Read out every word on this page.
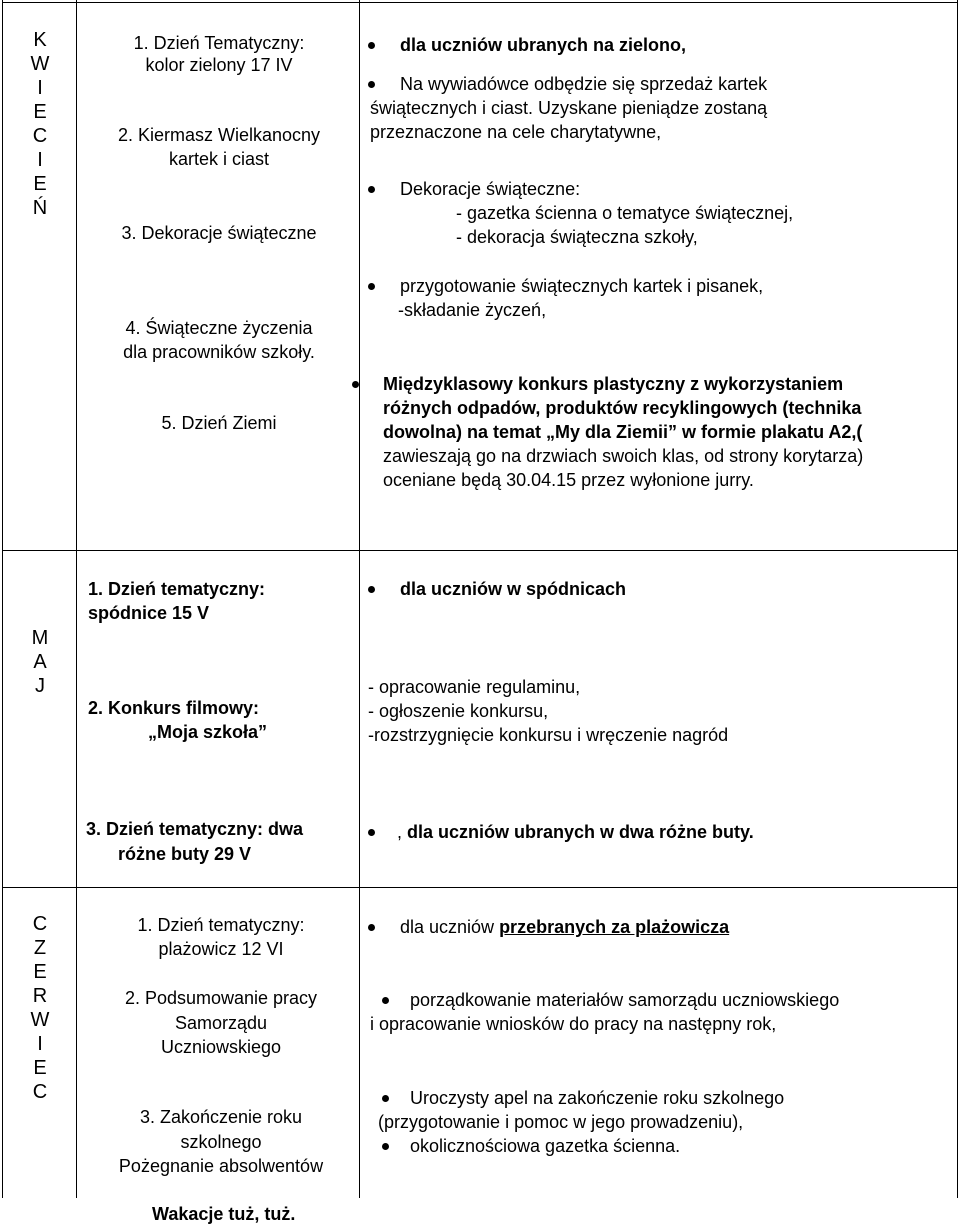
K
W
I
E
C
I
E
Ń
1. Dzień Tematyczny:
kolor zielony 17 IV
2. Kiermasz Wielkanocny
kartek i ciast
3. Dekoracje świąteczne
4. Świąteczne życzenia
dla pracowników szkoły.
5. Dzień Ziemi
dla uczniów ubranych na zielono,
Na wywiadówce odbędzie się sprzedaż kartek
świątecznych i ciast. Uzyskane pieniądze zostaną
przeznaczone na cele charytatywne,
Dekoracje świąteczne:
- gazetka ścienna o tematyce świątecznej,
- dekoracja świąteczna szkoły,
przygotowanie świątecznych kartek i pisanek,
-składanie życzeń,
Międzyklasowy konkurs plastyczny z wykorzystaniem
różnych odpadów, produktów recyklingowych (technika
dowolna) na temat „My dla Ziemii” w formie plakatu A2,(
zawieszają go na drzwiach swoich klas, od strony korytarza)
oceniane będą 30.04.15 przez wyłonione jurry.
M
A
J
1. Dzień tematyczny:
spódnice 15 V
2. Konkurs filmowy:
„Moja szkoła”
3. Dzień tematyczny: dwa
różne buty 29 V
dla uczniów w spódnicach
- opracowanie regulaminu,
- ogłoszenie konkursu,
-rozstrzygnięcie konkursu i wręczenie nagród
, dla uczniów ubranych w dwa różne buty.
C
Z
E
R
W
I
E
C
1. Dzień tematyczny:
plażowicz 12 VI
2. Podsumowanie pracy
Samorządu
Uczniowskiego
3. Zakończenie roku
szkolnego
Pożegnanie absolwentów
dla uczniów przebranych za plażowicza
porządkowanie materiałów samorządu uczniowskiego
i opracowanie wniosków do pracy na następny rok,
Uroczysty apel na zakończenie roku szkolnego
(przygotowanie i pomoc w jego prowadzeniu),
okolicznościowa gazetka ścienna.
Wakacje tuż, tuż.
